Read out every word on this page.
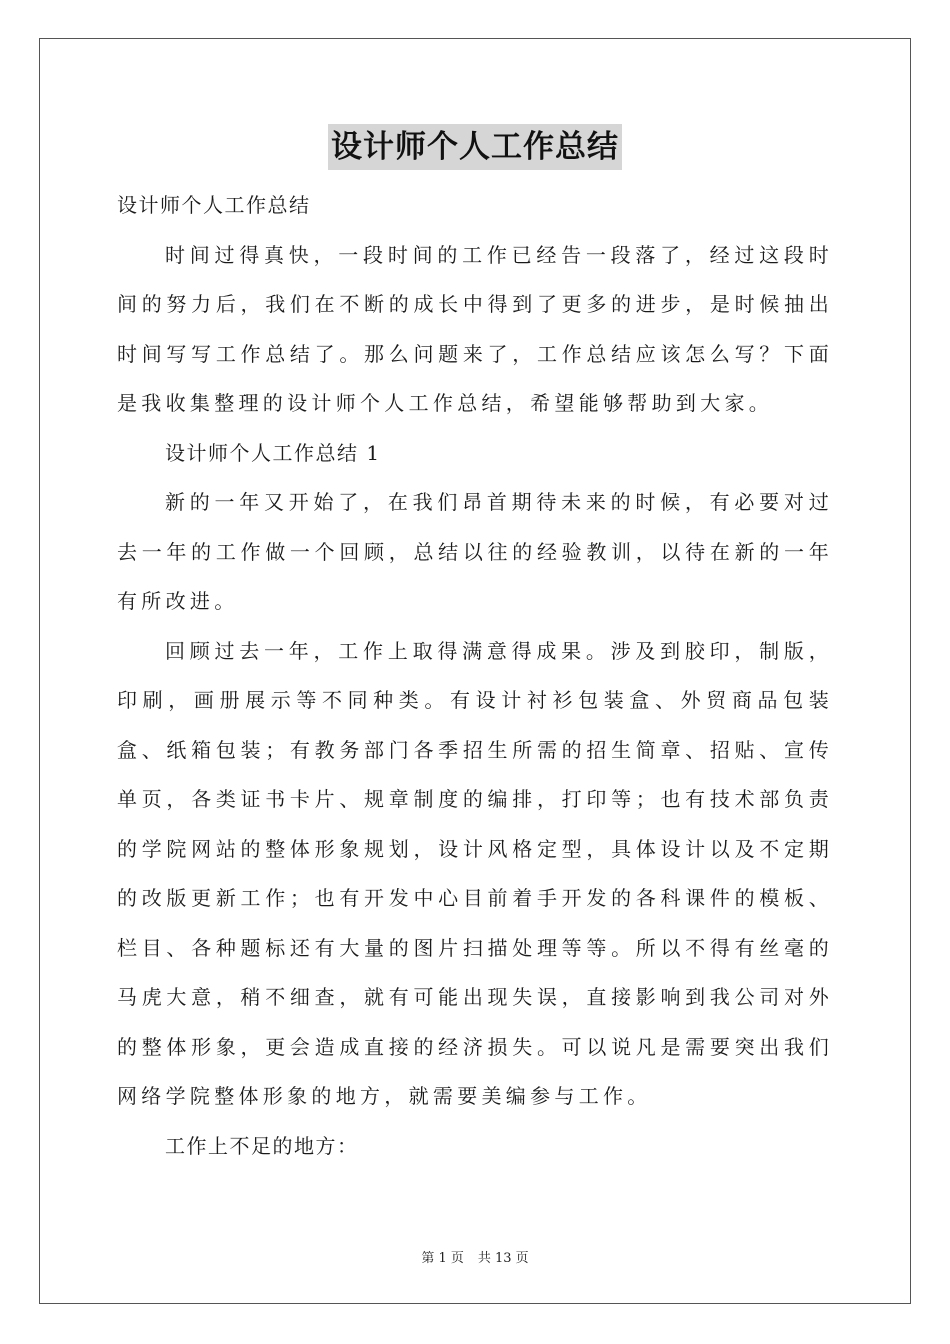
设计师个人工作总结

设计师个人工作总结

时间过得真快，一段时间的工作已经告一段落了，经过这段时间的努力后，我们在不断的成长中得到了更多的进步，是时候抽出时间写写工作总结了。那么问题来了，工作总结应该怎么写？下面是我收集整理的设计师个人工作总结，希望能够帮助到大家。

设计师个人工作总结 1

新的一年又开始了，在我们昂首期待未来的时候，有必要对过去一年的工作做一个回顾，总结以往的经验教训，以待在新的一年有所改进。

回顾过去一年，工作上取得满意得成果。涉及到胶印，制版，印刷，画册展示等不同种类。有设计衬衫包装盒、外贸商品包装盒、纸箱包装；有教务部门各季招生所需的招生简章、招贴、宣传单页，各类证书卡片、规章制度的编排，打印等；也有技术部负责的学院网站的整体形象规划，设计风格定型，具体设计以及不定期的改版更新工作；也有开发中心目前着手开发的各科课件的模板、栏目、各种题标还有大量的图片扫描处理等等。所以不得有丝毫的马虎大意，稍不细查，就有可能出现失误，直接影响到我公司对外的整体形象，更会造成直接的经济损失。可以说凡是需要突出我们网络学院整体形象的地方，就需要美编参与工作。

工作上不足的地方：

第 1 页 共 13 页
